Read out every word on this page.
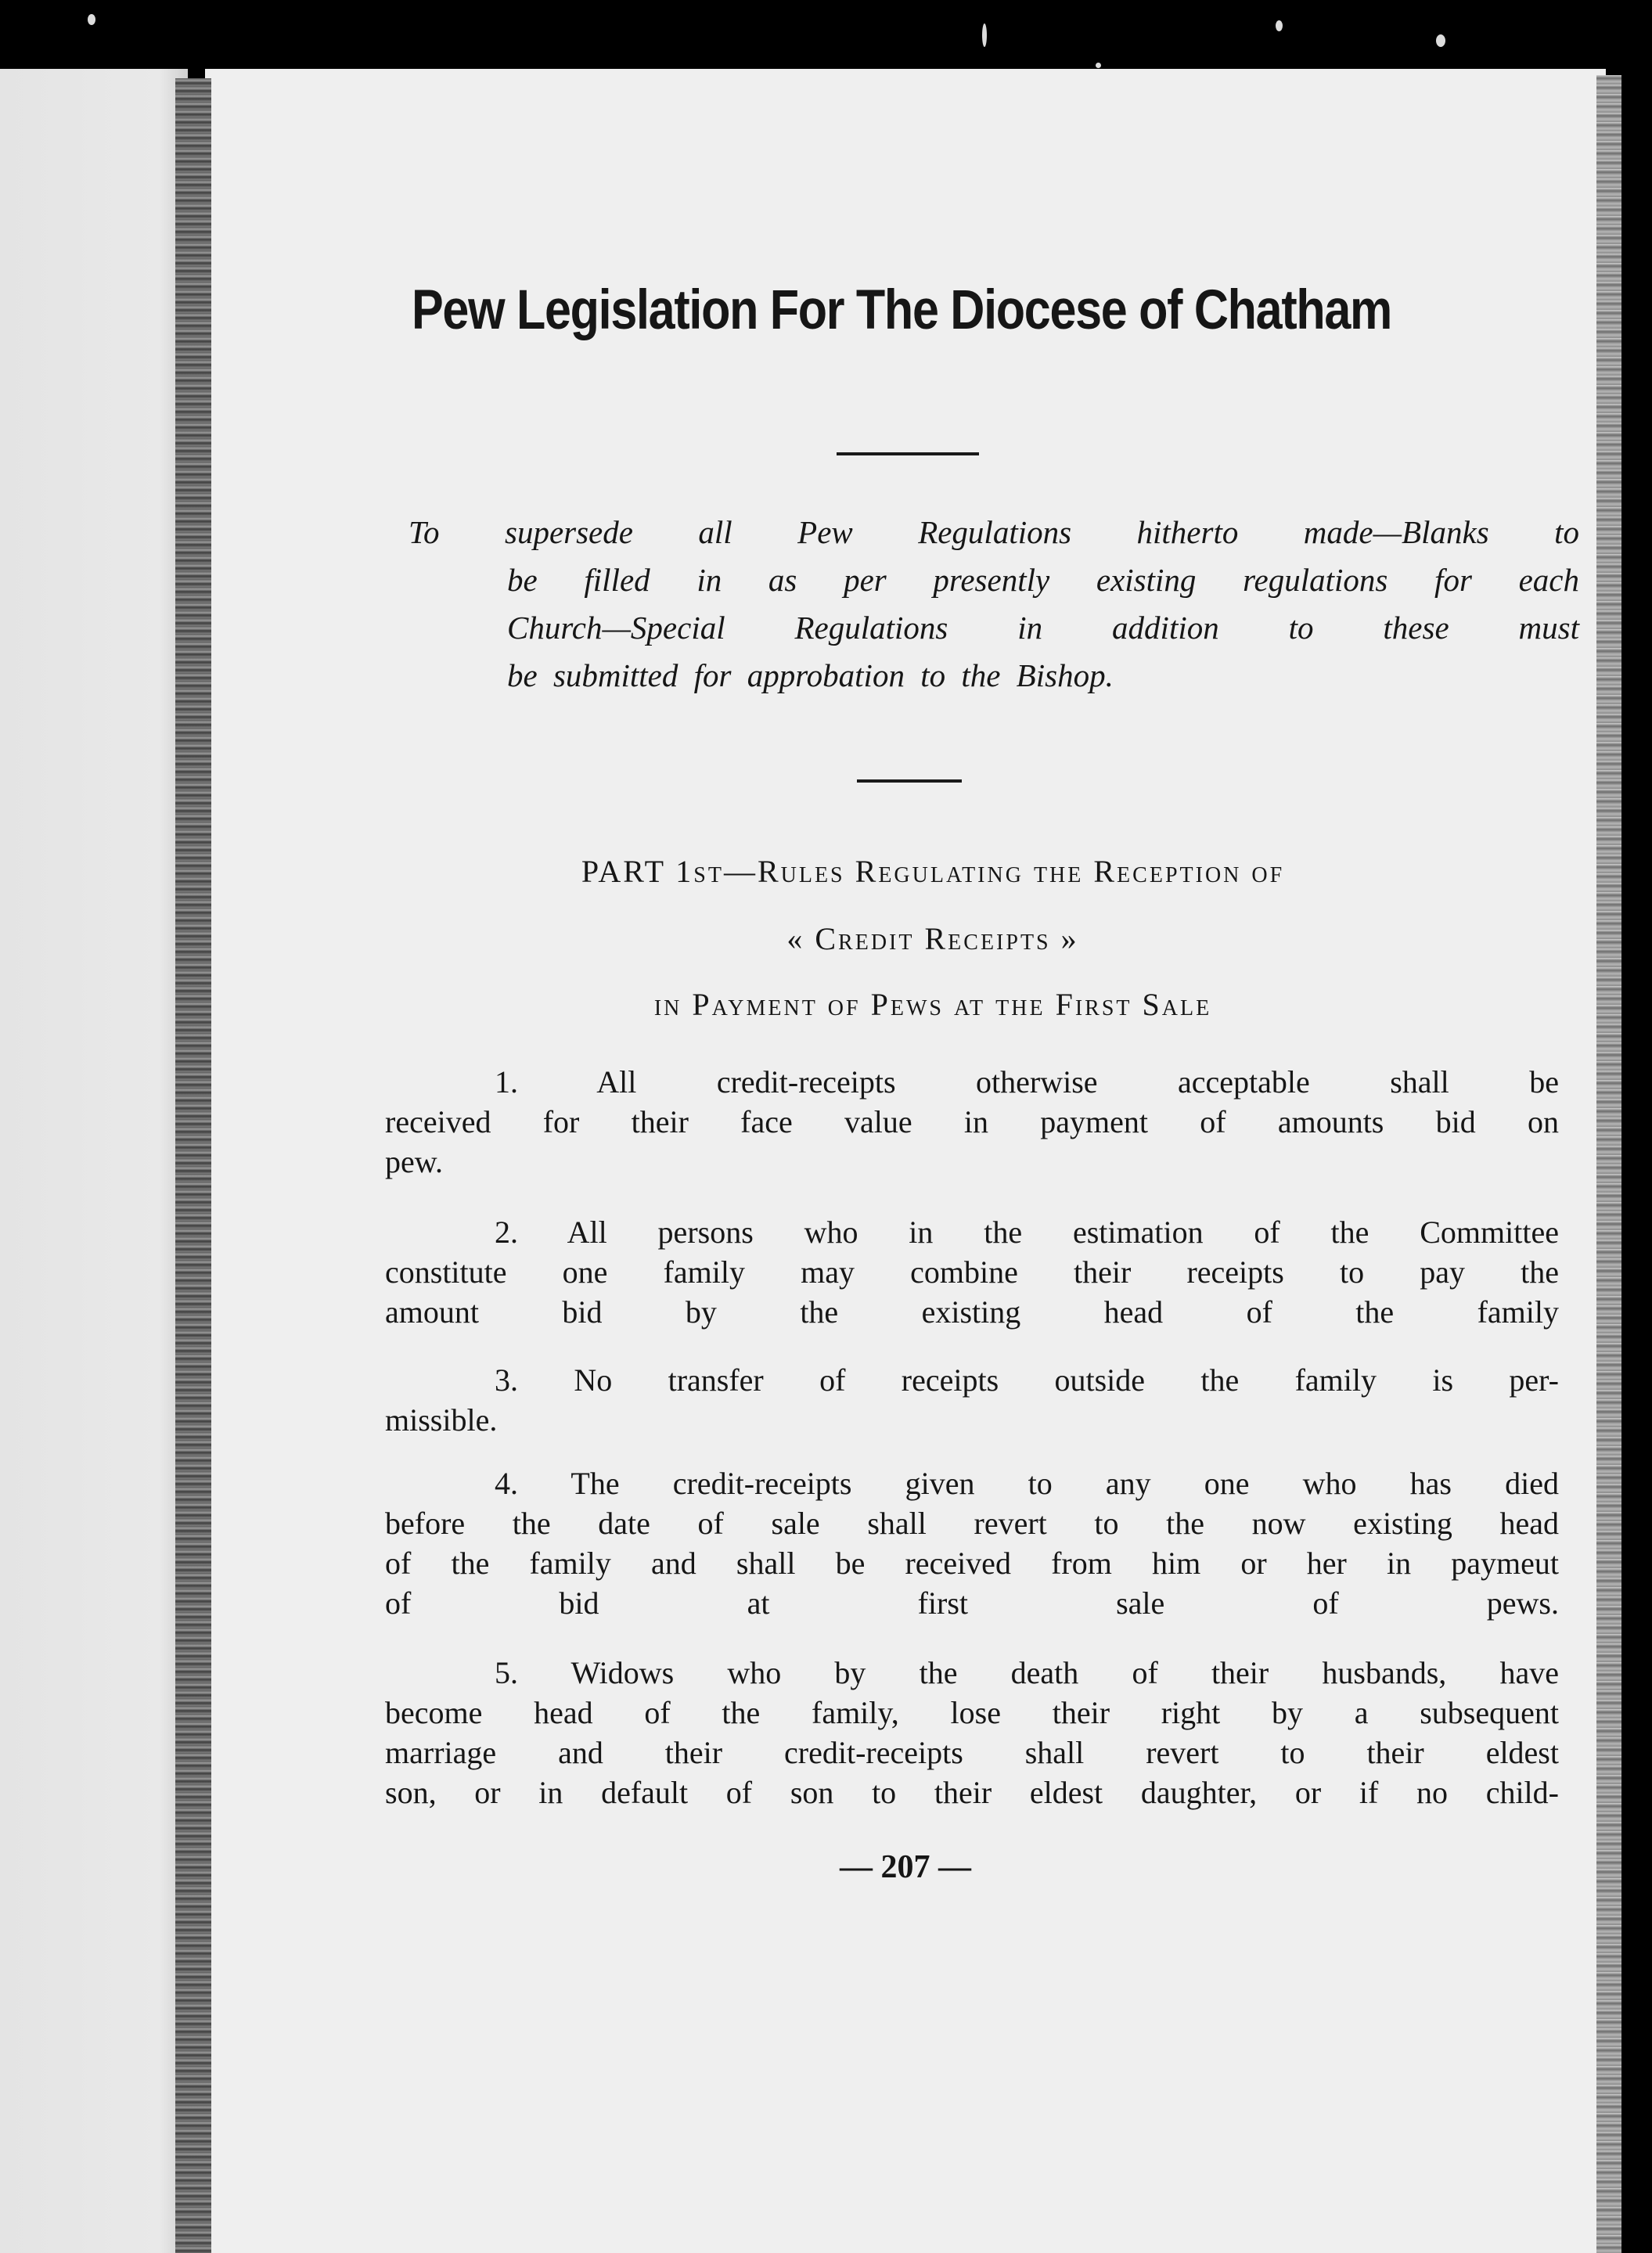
Pew Legislation For The Diocese of Chatham

To supersede all Pew Regulations hitherto made—Blanks to
be filled in as per presently existing regulations for each
Church—Special Regulations in addition to these must
be submitted for approbation to the Bishop.

PART 1st—Rules Regulating the Reception of

« Credit Receipts »

in Payment of Pews at the First Sale

1. All credit-receipts otherwise acceptable shall be
received for their face value in payment of amounts bid on
pew.

2. All persons who in the estimation of the Committee
constitute one family may combine their receipts to pay the
amount bid by the existing head of the family

3. No transfer of receipts outside the family is per-
missible.

4. The credit-receipts given to any one who has died
before the date of sale shall revert to the now existing head
of the family and shall be received from him or her in paymeut
of bid at first sale of pews.

5. Widows who by the death of their husbands, have
become head of the family, lose their right by a subsequent
marriage and their credit-receipts shall revert to their eldest
son, or in default of son to their eldest daughter, or if no child-

— 207 —
